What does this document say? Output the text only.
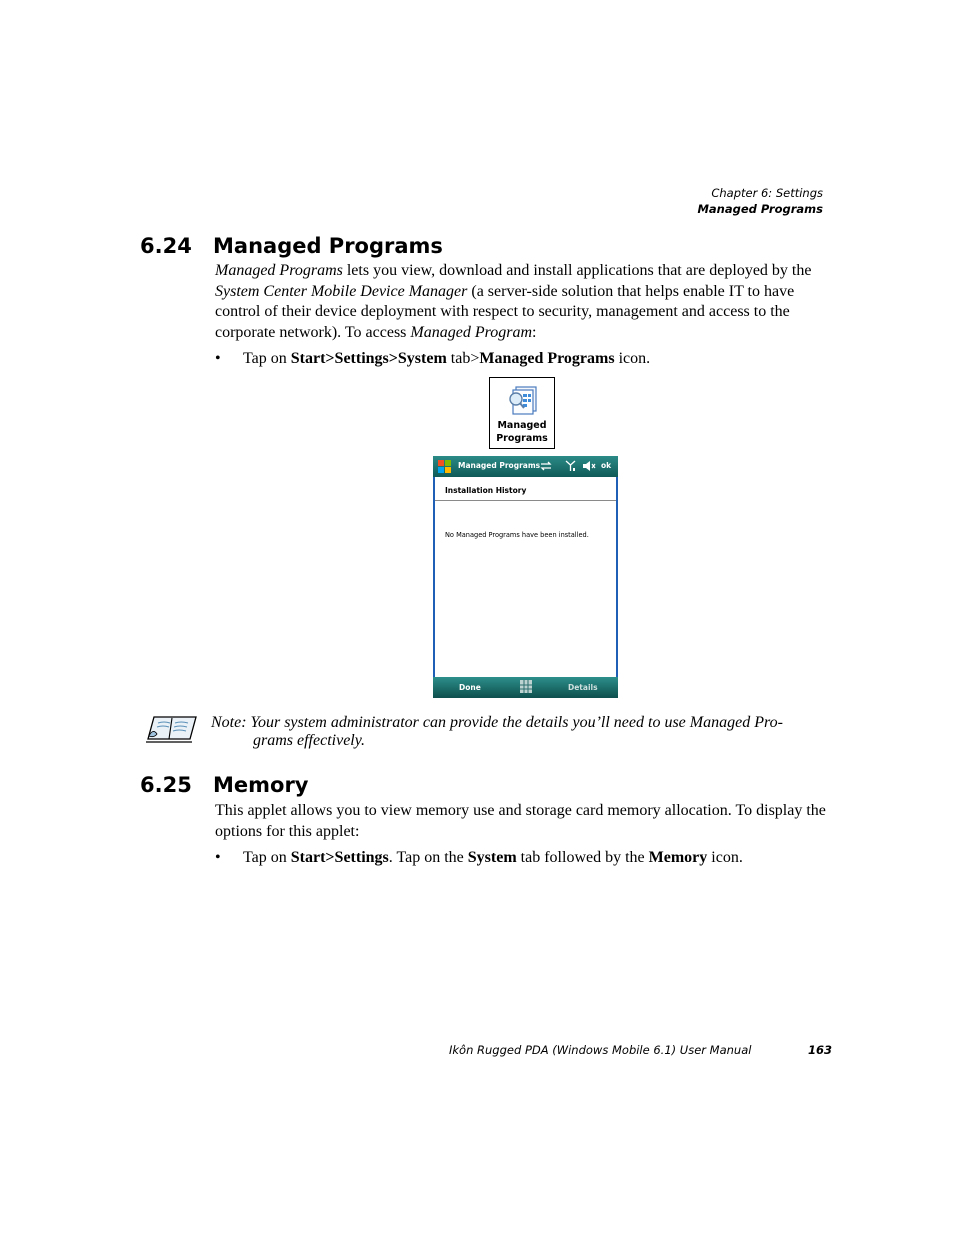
Chapter 6: Settings
Managed Programs
6.24 Managed Programs
Managed Programs lets you view, download and install applications that are deployed by the System Center Mobile Device Manager (a server-side solution that helps enable IT to have control of their device deployment with respect to security, management and access to the corporate network). To access Managed Program:
• Tap on Start>Settings>System tab>Managed Programs icon.
Managed
Programs
Managed Programs	ok
Installation History
No Managed Programs have been installed.
Done	Details
Note: Your system administrator can provide the details you’ll need to use Managed Pro-
grams effectively.
6.25 Memory
This applet allows you to view memory use and storage card memory allocation. To display the options for this applet:
• Tap on Start>Settings. Tap on the System tab followed by the Memory icon.
Ikôn Rugged PDA (Windows Mobile 6.1) User Manual	163
